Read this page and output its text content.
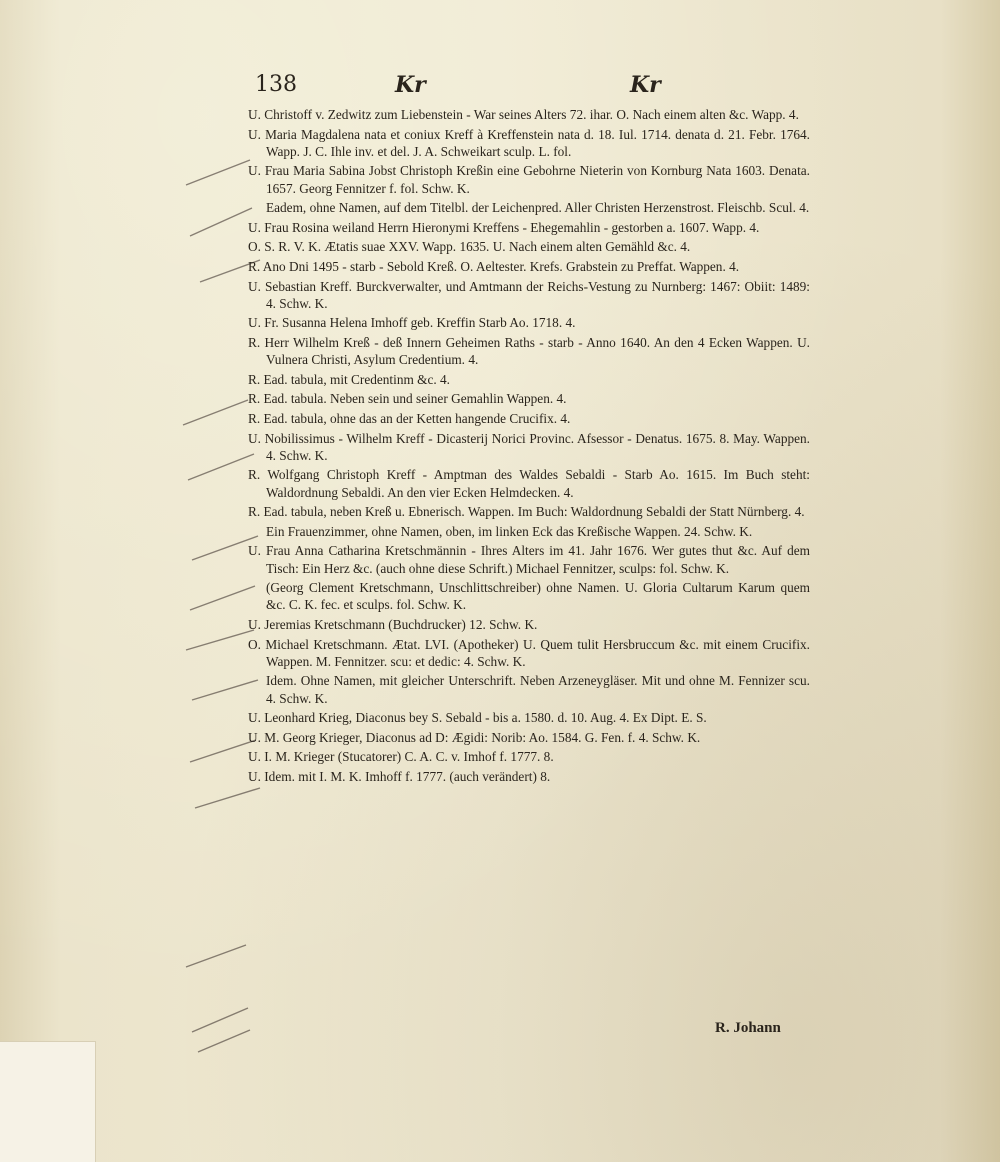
138	Kr	Kr

U. Christoff v. Zedwitz zum Liebenstein - War seines Alters 72. ihar. O. Nach einem alten &c. Wapp. 4.

U. Maria Magdalena nata et coniux Kreff à Kreffenstein nata d. 18. Iul. 1714. denata d. 21. Febr. 1764. Wapp. J. C. Ihle inv. et del. J. A. Schweikart sculp. L. fol.

U. Frau Maria Sabina Jobst Christoph Kreßin eine Gebohrne Nieterin von Kornburg Nata 1603. Denata. 1657. Georg Fennitzer f. fol. Schw. K.

Eadem, ohne Namen, auf dem Titelbl. der Leichenpred. Aller Christen Herzenstrost. Fleischb. Scul. 4.

U. Frau Rosina weiland Herrn Hieronymi Kreffens - Ehegemahlin - gestorben a. 1607. Wapp. 4.

O. S. R. V. K. Ætatis suae XXV. Wapp. 1635. U. Nach einem alten Gemähld &c. 4.

R. Ano Dni 1495 - starb - Sebold Kreß. O. Aeltester. Krefs. Grabstein zu Preffat. Wappen. 4.

U. Sebastian Kreff. Burckverwalter, und Amtmann der Reichs-Vestung zu Nurnberg: 1467: Obiit: 1489: 4. Schw. K.

U. Fr. Susanna Helena Imhoff geb. Kreffin Starb Ao. 1718. 4.

R. Herr Wilhelm Kreß - deß Innern Geheimen Raths - starb - Anno 1640. An den 4 Ecken Wappen. U. Vulnera Christi, Asylum Credentium. 4.

R. Ead. tabula, mit Credentinm &c. 4.

R. Ead. tabula. Neben sein und seiner Gemahlin Wappen. 4.

R. Ead. tabula, ohne das an der Ketten hangende Crucifix. 4.

U. Nobilissimus - Wilhelm Kreff - Dicasterij Norici Provinc. Afsessor - Denatus. 1675. 8. May. Wappen. 4. Schw. K.

R. Wolfgang Christoph Kreff - Amptman des Waldes Sebaldi - Starb Ao. 1615. Im Buch steht: Waldordnung Sebaldi. An den vier Ecken Helmdecken. 4.

R. Ead. tabula, neben Kreß u. Ebnerisch. Wappen. Im Buch: Waldordnung Sebaldi der Statt Nürnberg. 4.

Ein Frauenzimmer, ohne Namen, oben, im linken Eck das Kreßische Wappen. 24. Schw. K.

U. Frau Anna Catharina Kretschmännin - Ihres Alters im 41. Jahr 1676. Wer gutes thut &c. Auf dem Tisch: Ein Herz &c. (auch ohne diese Schrift.) Michael Fennitzer, sculps: fol. Schw. K.

(Georg Clement Kretschmann, Unschlittschreiber) ohne Namen. U. Gloria Cultarum Karum quem &c. C. K. fec. et sculps. fol. Schw. K.

U. Jeremias Kretschmann (Buchdrucker) 12. Schw. K.

O. Michael Kretschmann. Ætat. LVI. (Apotheker) U. Quem tulit Hersbruccum &c. mit einem Crucifix. Wappen. M. Fennitzer. scu: et dedic: 4. Schw. K.

Idem. Ohne Namen, mit gleicher Unterschrift. Neben Arzeneygläser. Mit und ohne M. Fennizer scu. 4. Schw. K.

U. Leonhard Krieg, Diaconus bey S. Sebald - bis a. 1580. d. 10. Aug. 4. Ex Dipt. E. S.

U. M. Georg Krieger, Diaconus ad D: Ægidi: Norib: Ao. 1584. G. Fen. f. 4. Schw. K.

U. I. M. Krieger (Stucatorer) C. A. C. v. Imhof f. 1777. 8.

U. Idem. mit I. M. K. Imhoff f. 1777. (auch verändert) 8.

R. Johann
